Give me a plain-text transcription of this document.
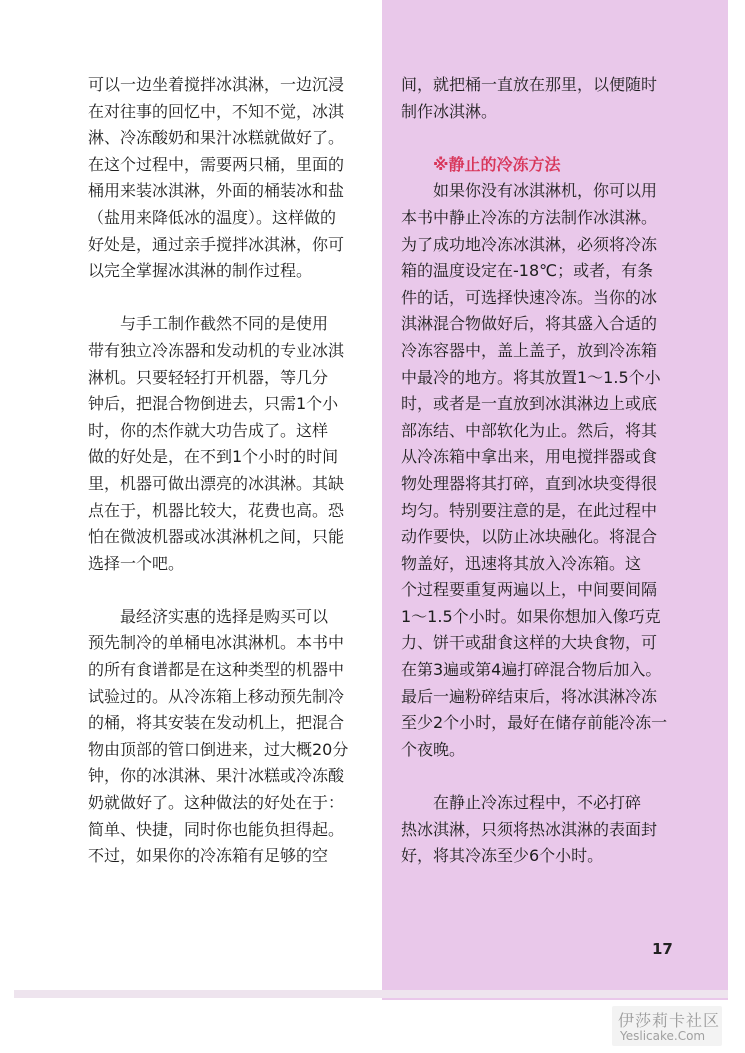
可以一边坐着搅拌冰淇淋，一边沉浸

在对往事的回忆中，不知不觉，冰淇

淋、冷冻酸奶和果汁冰糕就做好了。

在这个过程中，需要两只桶，里面的

桶用来装冰淇淋，外面的桶装冰和盐

（盐用来降低冰的温度）。这样做的

好处是，通过亲手搅拌冰淇淋，你可

以完全掌握冰淇淋的制作过程。

　　与手工制作截然不同的是使用

带有独立冷冻器和发动机的专业冰淇

淋机。只要轻轻打开机器，等几分

钟后，把混合物倒进去，只需1个小

时，你的杰作就大功告成了。这样

做的好处是，在不到1个小时的时间

里，机器可做出漂亮的冰淇淋。其缺

点在于，机器比较大，花费也高。恐

怕在微波机器或冰淇淋机之间，只能

选择一个吧。

　　最经济实惠的选择是购买可以

预先制冷的单桶电冰淇淋机。本书中

的所有食谱都是在这种类型的机器中

试验过的。从冷冻箱上移动预先制冷

的桶，将其安装在发动机上，把混合

物由顶部的管口倒进来，过大概20分

钟，你的冰淇淋、果汁冰糕或冷冻酸

奶就做好了。这种做法的好处在于：

简单、快捷，同时你也能负担得起。

不过，如果你的冷冻箱有足够的空

间，就把桶一直放在那里，以便随时

制作冰淇淋。

　　※静止的冷冻方法

　　如果你没有冰淇淋机，你可以用

本书中静止冷冻的方法制作冰淇淋。

为了成功地冷冻冰淇淋，必须将冷冻

箱的温度设定在-18℃；或者，有条

件的话，可选择快速冷冻。当你的冰

淇淋混合物做好后，将其盛入合适的

冷冻容器中，盖上盖子，放到冷冻箱

中最冷的地方。将其放置1～1.5个小

时，或者是一直放到冰淇淋边上或底

部冻结、中部软化为止。然后，将其

从冷冻箱中拿出来，用电搅拌器或食

物处理器将其打碎，直到冰块变得很

均匀。特别要注意的是，在此过程中

动作要快，以防止冰块融化。将混合

物盖好，迅速将其放入冷冻箱。这

个过程要重复两遍以上，中间要间隔

1～1.5个小时。如果你想加入像巧克

力、饼干或甜食这样的大块食物，可

在第3遍或第4遍打碎混合物后加入。

最后一遍粉碎结束后，将冰淇淋冷冻

至少2个小时，最好在储存前能冷冻一

个夜晚。

　　在静止冷冻过程中，不必打碎

热冰淇淋，只须将热冰淇淋的表面封

好，将其冷冻至少6个小时。

17
伊莎莉卡社区
Yeslicake.Com
